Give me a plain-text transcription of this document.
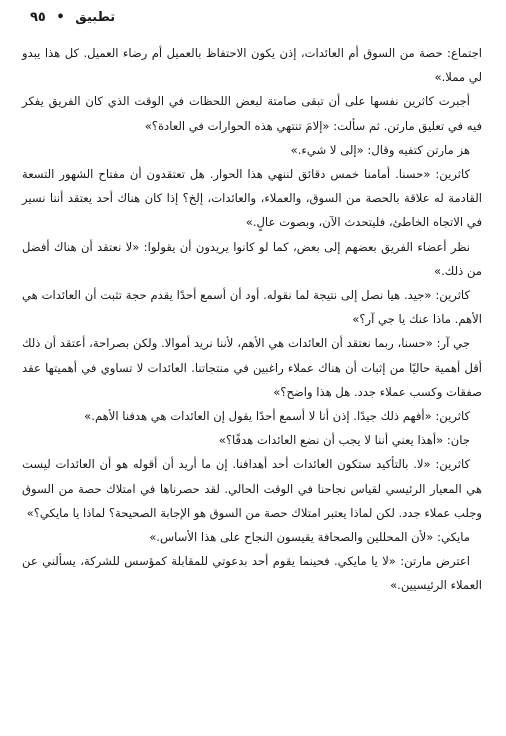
تطبيق • ٩٥

اجتماع: حصة من السوق أم العائدات، إذن يكون الاحتفاظ بالعميل أم رضاء العميل. كل هذا يبدو لي مملا.»

أجبرت كاثرين نفسها على أن تبقى صامتة لبعض اللحظات في الوقت الذي كان الفريق يفكر فيه في تعليق مارتن. ثم سألت: «إلامَ تنتهي هذه الحوارات في العادة؟»

هز مارتن كتفيه وقال: «إلى لا شيء.»

كاثرين: «حسنا. أمامنا خمس دقائق لننهي هذا الحوار. هل تعتقدون أن مفتاح الشهور التسعة القادمة له علاقة بالحصة من السوق، والعملاء، والعائدات، إلخ؟ إذا كان هناك أحد يعتقد أننا نسير في الاتجاه الخاطئ، فليتحدث الآن، وبصوت عالٍ.»

نظر أعضاء الفريق بعضهم إلى بعض، كما لو كانوا يريدون أن يقولوا: «لا نعتقد أن هناك أفضل من ذلك.»

كاثرين: «جيد. هيا نصل إلى نتيجة لما نقوله. أود أن أسمع أحدًا يقدم حجة تثبت أن العائدات هي الأهم. ماذا عنك يا جي آر؟»

جي آر: «حسنا، ربما نعتقد أن العائدات هي الأهم، لأننا نريد أموالا. ولكن بصراحة، أعتقد أن ذلك أقل أهمية حاليًا من إثبات أن هناك عملاء راغبين في منتجاتنا. العائدات لا تساوي في أهميتها عقد صفقات وكسب عملاء جدد. هل هذا واضح؟»

كاثرين: «أفهم ذلك جيدًا. إذن أنا لا أسمع أحدًا يقول إن العائدات هي هدفنا الأهم.»

جان: «أهذا يعني أننا لا يجب أن نضع العائدات هدفًا؟»

كاثرين: «لا. بالتأكيد ستكون العائدات أحد أهدافنا. إن ما أريد أن أقوله هو أن العائدات ليست هي المعيار الرئيسي لقياس نجاحنا في الوقت الحالي. لقد حصرناها في امتلاك حصة من السوق وجلب عملاء جدد. لكن لماذا يعتبر امتلاك حصة من السوق هو الإجابة الصحيحة؟ لماذا يا مايكي؟»

مايكي: «لأن المحللين والصحافة يقيسون النجاح على هذا الأساس.»

اعترض مارتن: «لا يا مايكي. فحينما يقوم أحد بدعوتي للمقابلة كمؤسس للشركة، يسألني عن العملاء الرئيسيين.»
